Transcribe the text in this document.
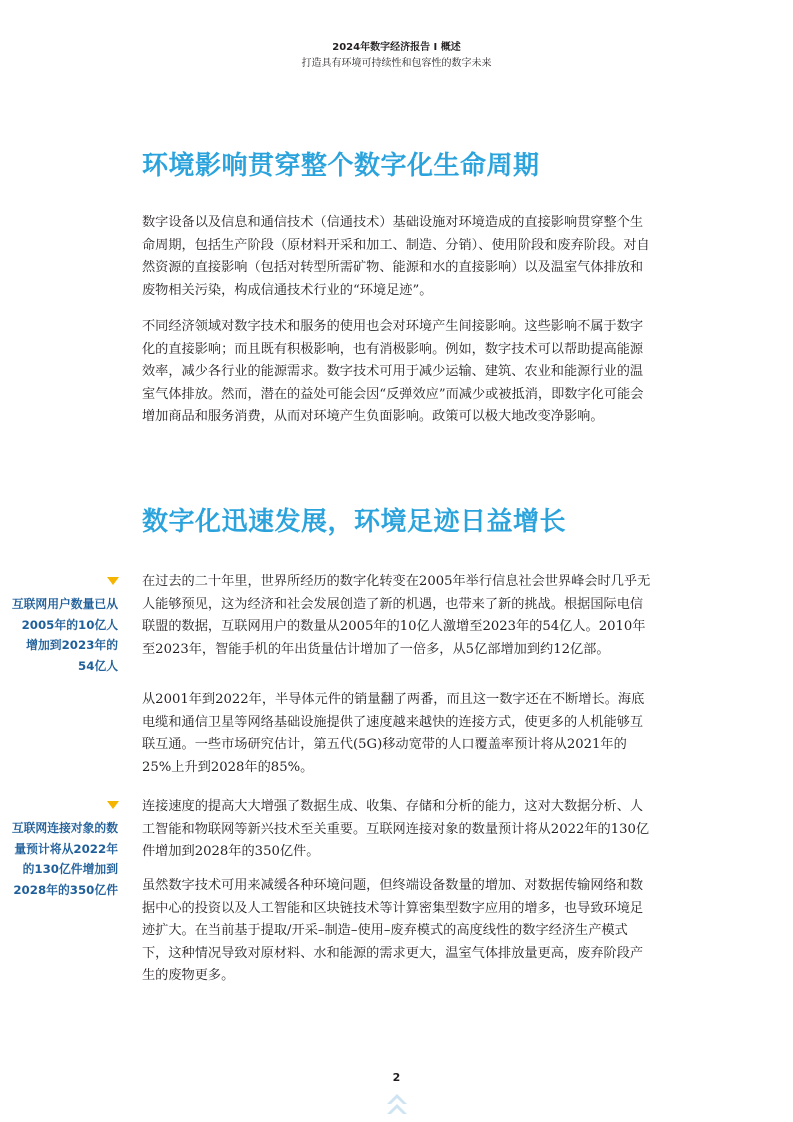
2024年数字经济报告 I 概述
打造具有环境可持续性和包容性的数字未来
环境影响贯穿整个数字化生命周期

数字设备以及信息和通信技术（信通技术）基础设施对环境造成的直接影响贯穿整个生命周期，包括生产阶段（原材料开采和加工、制造、分销）、使用阶段和废弃阶段。对自然资源的直接影响（包括对转型所需矿物、能源和水的直接影响）以及温室气体排放和废物相关污染，构成信通技术行业的“环境足迹”。

不同经济领域对数字技术和服务的使用也会对环境产生间接影响。这些影响不属于数字化的直接影响；而且既有积极影响，也有消极影响。例如，数字技术可以帮助提高能源效率，减少各行业的能源需求。数字技术可用于减少运输、建筑、农业和能源行业的温室气体排放。然而，潜在的益处可能会因“反弹效应”而减少或被抵消，即数字化可能会增加商品和服务消费，从而对环境产生负面影响。政策可以极大地改变净影响。

数字化迅速发展，环境足迹日益增长

互联网用户数量已从2005年的10亿人增加到2023年的54亿人

在过去的二十年里，世界所经历的数字化转变在2005年举行信息社会世界峰会时几乎无人能够预见，这为经济和社会发展创造了新的机遇，也带来了新的挑战。根据国际电信联盟的数据，互联网用户的数量从2005年的10亿人激增至2023年的54亿人。2010年至2023年，智能手机的年出货量估计增加了一倍多，从5亿部增加到约12亿部。

从2001年到2022年，半导体元件的销量翻了两番，而且这一数字还在不断增长。海底电缆和通信卫星等网络基础设施提供了速度越来越快的连接方式，使更多的人机能够互联互通。一些市场研究估计，第五代(5G)移动宽带的人口覆盖率预计将从2021年的25%上升到2028年的85%。

互联网连接对象的数量预计将从2022年的130亿件增加到2028年的350亿件

连接速度的提高大大增强了数据生成、收集、存储和分析的能力，这对大数据分析、人工智能和物联网等新兴技术至关重要。互联网连接对象的数量预计将从2022年的130亿件增加到2028年的350亿件。

虽然数字技术可用来减缓各种环境问题，但终端设备数量的增加、对数据传输网络和数据中心的投资以及人工智能和区块链技术等计算密集型数字应用的增多，也导致环境足迹扩大。在当前基于提取/开采–制造–使用–废弃模式的高度线性的数字经济生产模式下，这种情况导致对原材料、水和能源的需求更大，温室气体排放量更高，废弃阶段产生的废物更多。

2
